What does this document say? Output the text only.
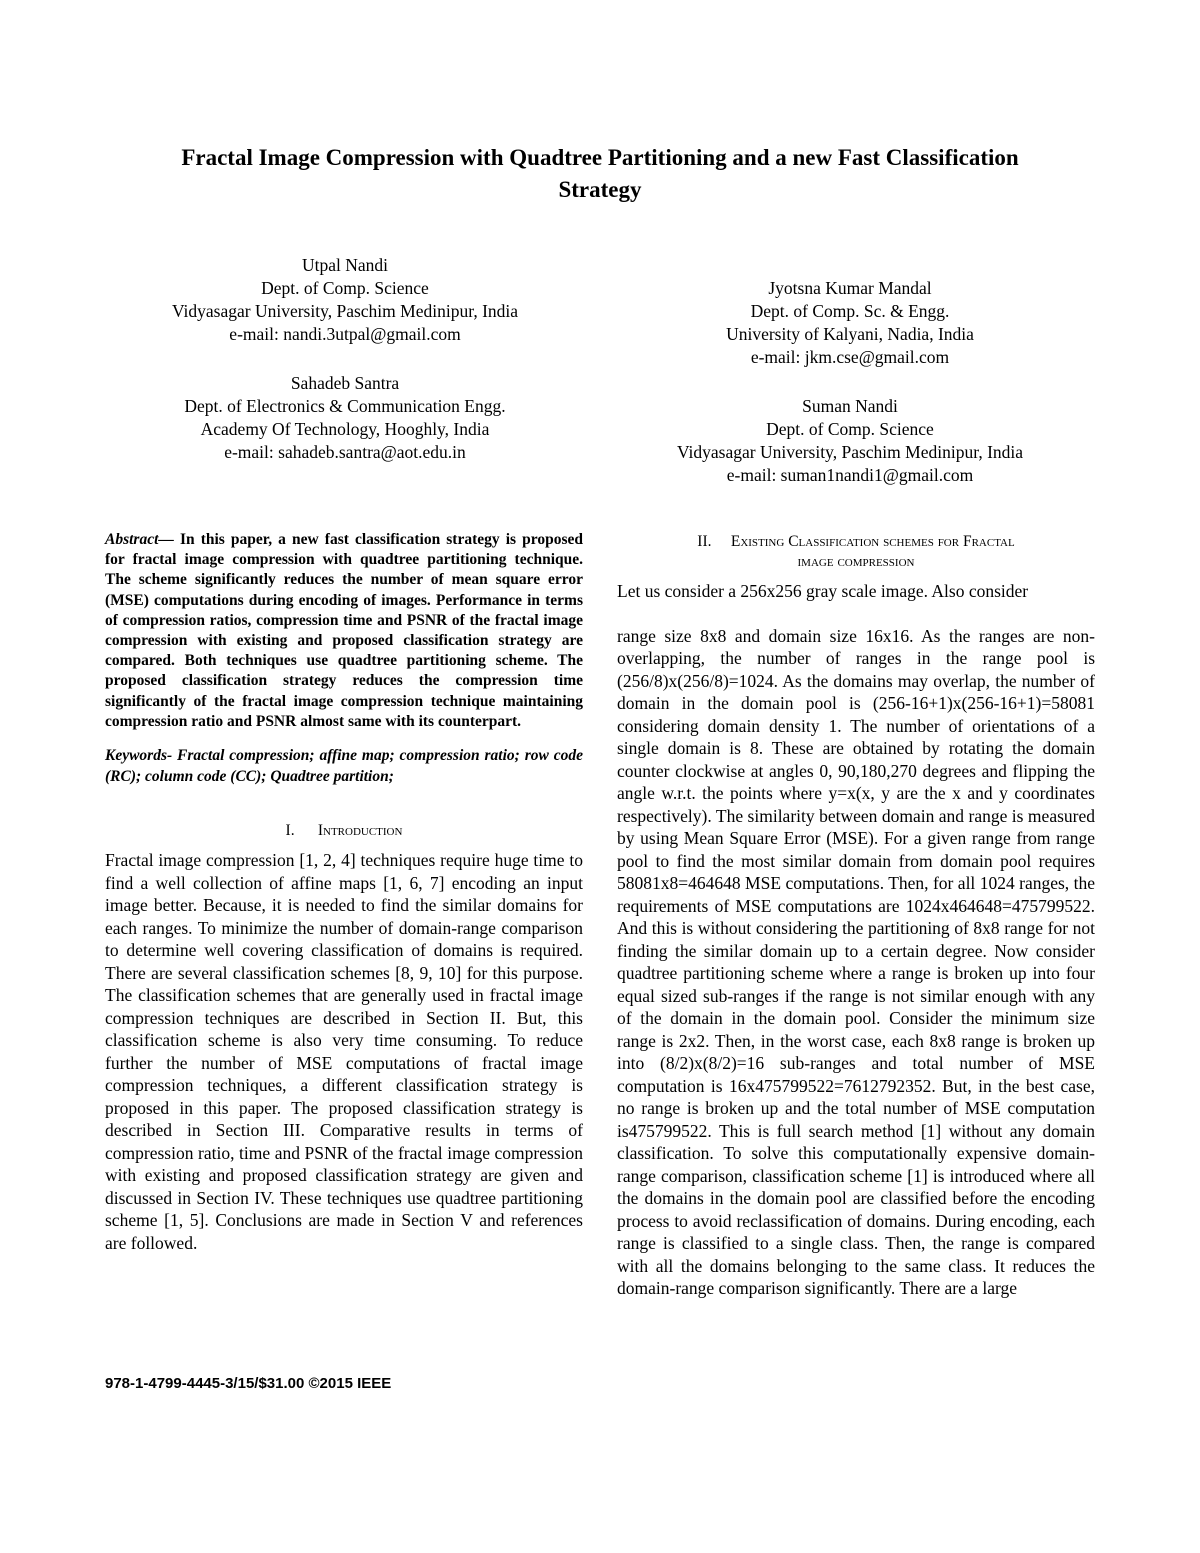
Fractal Image Compression with Quadtree Partitioning and a new Fast Classification Strategy
Utpal Nandi
Dept. of Comp. Science
Vidyasagar University, Paschim Medinipur, India
e-mail: nandi.3utpal@gmail.com
Sahadeb Santra
Dept. of Electronics & Communication Engg.
Academy Of Technology, Hooghly, India
e-mail: sahadeb.santra@aot.edu.in
Jyotsna Kumar Mandal
Dept. of Comp. Sc. & Engg.
University of Kalyani, Nadia, India
e-mail: jkm.cse@gmail.com
Suman Nandi
Dept. of Comp. Science
Vidyasagar University, Paschim Medinipur, India
e-mail: suman1nandi1@gmail.com
Abstract— In this paper, a new fast classification strategy is proposed for fractal image compression with quadtree partitioning technique. The scheme significantly reduces the number of mean square error (MSE) computations during encoding of images. Performance in terms of compression ratios, compression time and PSNR of the fractal image compression with existing and proposed classification strategy are compared. Both techniques use quadtree partitioning scheme. The proposed classification strategy reduces the compression time significantly of the fractal image compression technique maintaining compression ratio and PSNR almost same with its counterpart.
Keywords- Fractal compression; affine map; compression ratio; row code (RC); column code (CC); Quadtree partition;
I. Introduction
Fractal image compression [1, 2, 4] techniques require huge time to find a well collection of affine maps [1, 6, 7] encoding an input image better. Because, it is needed to find the similar domains for each ranges. To minimize the number of domain-range comparison to determine well covering classification of domains is required. There are several classification schemes [8, 9, 10] for this purpose. The classification schemes that are generally used in fractal image compression techniques are described in Section II. But, this classification scheme is also very time consuming. To reduce further the number of MSE computations of fractal image compression techniques, a different classification strategy is proposed in this paper. The proposed classification strategy is described in Section III. Comparative results in terms of compression ratio, time and PSNR of the fractal image compression with existing and proposed classification strategy are given and discussed in Section IV. These techniques use quadtree partitioning scheme [1, 5]. Conclusions are made in Section V and references are followed.
978-1-4799-4445-3/15/$31.00 ©2015 IEEE
II. Existing Classification schemes for Fractal
image compression
Let us consider a 256x256 gray scale image. Also consider
range size 8x8 and domain size 16x16. As the ranges are non-overlapping, the number of ranges in the range pool is (256/8)x(256/8)=1024. As the domains may overlap, the number of domain in the domain pool is (256-16+1)x(256-16+1)=58081 considering domain density 1. The number of orientations of a single domain is 8. These are obtained by rotating the domain counter clockwise at angles 0, 90,180,270 degrees and flipping the angle w.r.t. the points where y=x(x, y are the x and y coordinates respectively). The similarity between domain and range is measured by using Mean Square Error (MSE). For a given range from range pool to find the most similar domain from domain pool requires 58081x8=464648 MSE computations. Then, for all 1024 ranges, the requirements of MSE computations are 1024x464648=475799522. And this is without considering the partitioning of 8x8 range for not finding the similar domain up to a certain degree. Now consider quadtree partitioning scheme where a range is broken up into four equal sized sub-ranges if the range is not similar enough with any of the domain in the domain pool. Consider the minimum size range is 2x2. Then, in the worst case, each 8x8 range is broken up into (8/2)x(8/2)=16 sub-ranges and total number of MSE computation is 16x475799522=7612792352. But, in the best case, no range is broken up and the total number of MSE computation is475799522. This is full search method [1] without any domain classification. To solve this computationally expensive domain-range comparison, classification scheme [1] is introduced where all the domains in the domain pool are classified before the encoding process to avoid reclassification of domains. During encoding, each range is classified to a single class. Then, the range is compared with all the domains belonging to the same class. It reduces the domain-range comparison significantly. There are a large
